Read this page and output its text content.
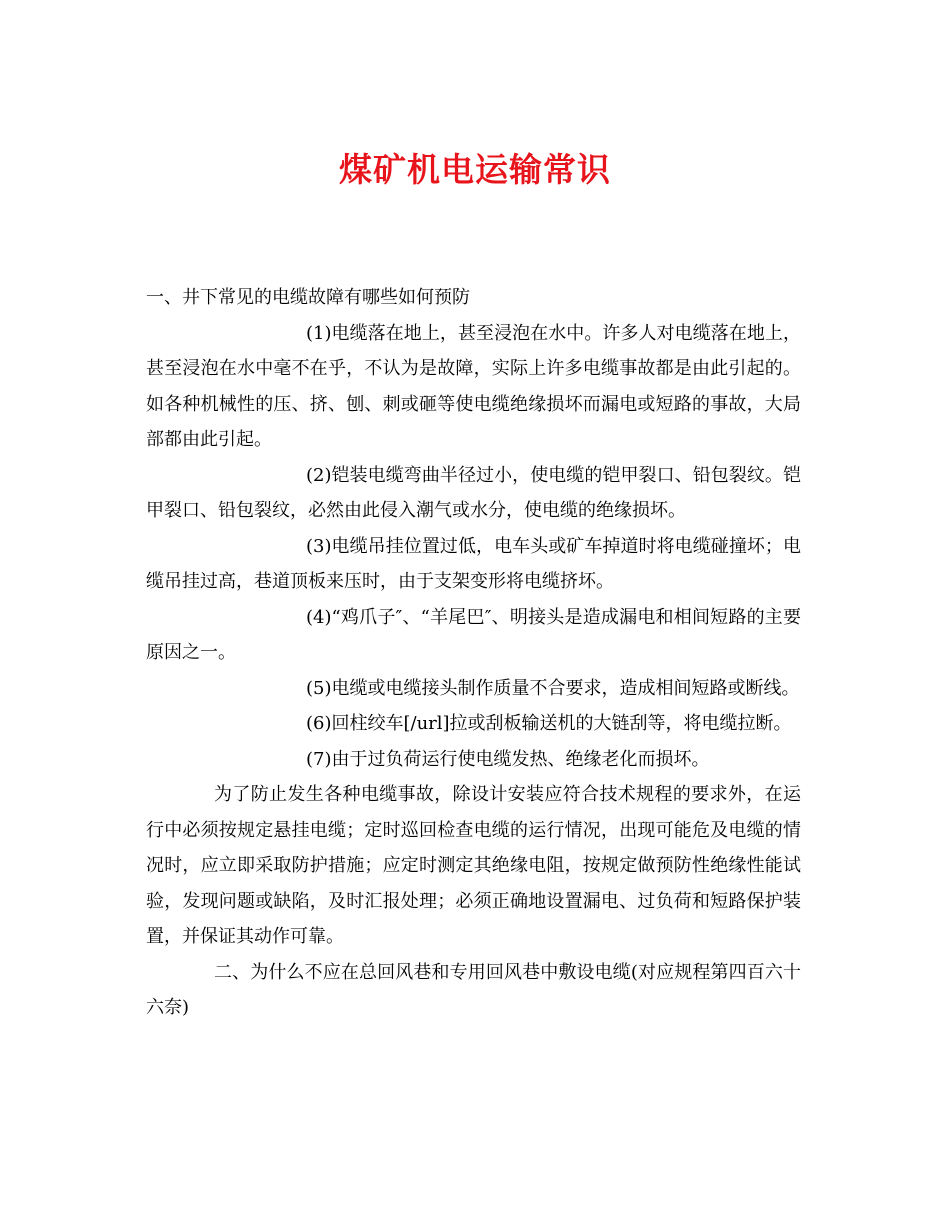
煤矿机电运输常识

一、井下常见的电缆故障有哪些如何预防

(1)电缆落在地上，甚至浸泡在水中。许多人对电缆落在地上，甚至浸泡在水中毫不在乎，不认为是故障，实际上许多电缆事故都是由此引起的。如各种机械性的压、挤、刨、刺或砸等使电缆绝缘损坏而漏电或短路的事故，大局部都由此引起。

(2)铠装电缆弯曲半径过小，使电缆的铠甲裂口、铅包裂纹。铠甲裂口、铅包裂纹，必然由此侵入潮气或水分，使电缆的绝缘损坏。

(3)电缆吊挂位置过低，电车头或矿车掉道时将电缆碰撞坏；电缆吊挂过高，巷道顶板来压时，由于支架变形将电缆挤坏。

(4)“鸡爪子″、“羊尾巴″、明接头是造成漏电和相间短路的主要原因之一。

(5)电缆或电缆接头制作质量不合要求，造成相间短路或断线。

(6)回柱绞车[/url]拉或刮板输送机的大链刮等，将电缆拉断。

(7)由于过负荷运行使电缆发热、绝缘老化而损坏。

为了防止发生各种电缆事故，除设计安装应符合技术规程的要求外，在运行中必须按规定悬挂电缆；定时巡回检查电缆的运行情况，出现可能危及电缆的情况时，应立即采取防护措施；应定时测定其绝缘电阻，按规定做预防性绝缘性能试验，发现问题或缺陷，及时汇报处理；必须正确地设置漏电、过负荷和短路保护装置，并保证其动作可靠。

二、为什么不应在总回风巷和专用回风巷中敷设电缆(对应规程第四百六十六奈)
